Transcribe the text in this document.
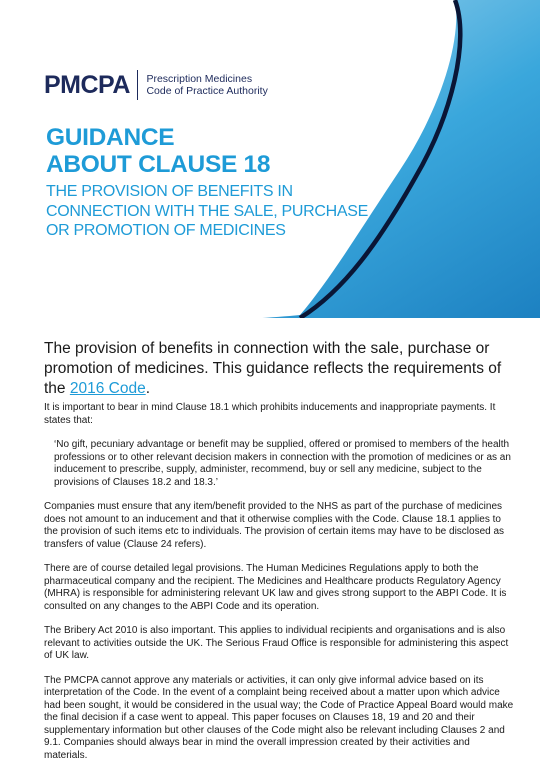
PMCPA Prescription Medicines
Code of Practice Authority
GUIDANCE
ABOUT CLAUSE 18
THE PROVISION OF BENEFITS IN
CONNECTION WITH THE SALE, PURCHASE
OR PROMOTION OF MEDICINES
The provision of benefits in connection with the sale, purchase or promotion of medicines. This guidance reflects the requirements of the 2016 Code.

It is important to bear in mind Clause 18.1 which prohibits inducements and inappropriate payments. It states that:

‘No gift, pecuniary advantage or benefit may be supplied, offered or promised to members of the health professions or to other relevant decision makers in connection with the promotion of medicines or as an inducement to prescribe, supply, administer, recommend, buy or sell any medicine, subject to the provisions of Clauses 18.2 and 18.3.’

Companies must ensure that any item/benefit provided to the NHS as part of the purchase of medicines does not amount to an inducement and that it otherwise complies with the Code. Clause 18.1 applies to the provision of such items etc to individuals. The provision of certain items may have to be disclosed as transfers of value (Clause 24 refers).

There are of course detailed legal provisions. The Human Medicines Regulations apply to both the pharmaceutical company and the recipient. The Medicines and Healthcare products Regulatory Agency (MHRA) is responsible for administering relevant UK law and gives strong support to the ABPI Code. It is consulted on any changes to the ABPI Code and its operation.

The Bribery Act 2010 is also important. This applies to individual recipients and organisations and is also relevant to activities outside the UK. The Serious Fraud Office is responsible for administering this aspect of UK law.

The PMCPA cannot approve any materials or activities, it can only give informal advice based on its interpretation of the Code. In the event of a complaint being received about a matter upon which advice had been sought, it would be considered in the usual way; the Code of Practice Appeal Board would make the final decision if a case went to appeal. This paper focuses on Clauses 18, 19 and 20 and their supplementary information but other clauses of the Code might also be relevant including Clauses 2 and 9.1. Companies should always bear in mind the overall impression created by their activities and materials.
